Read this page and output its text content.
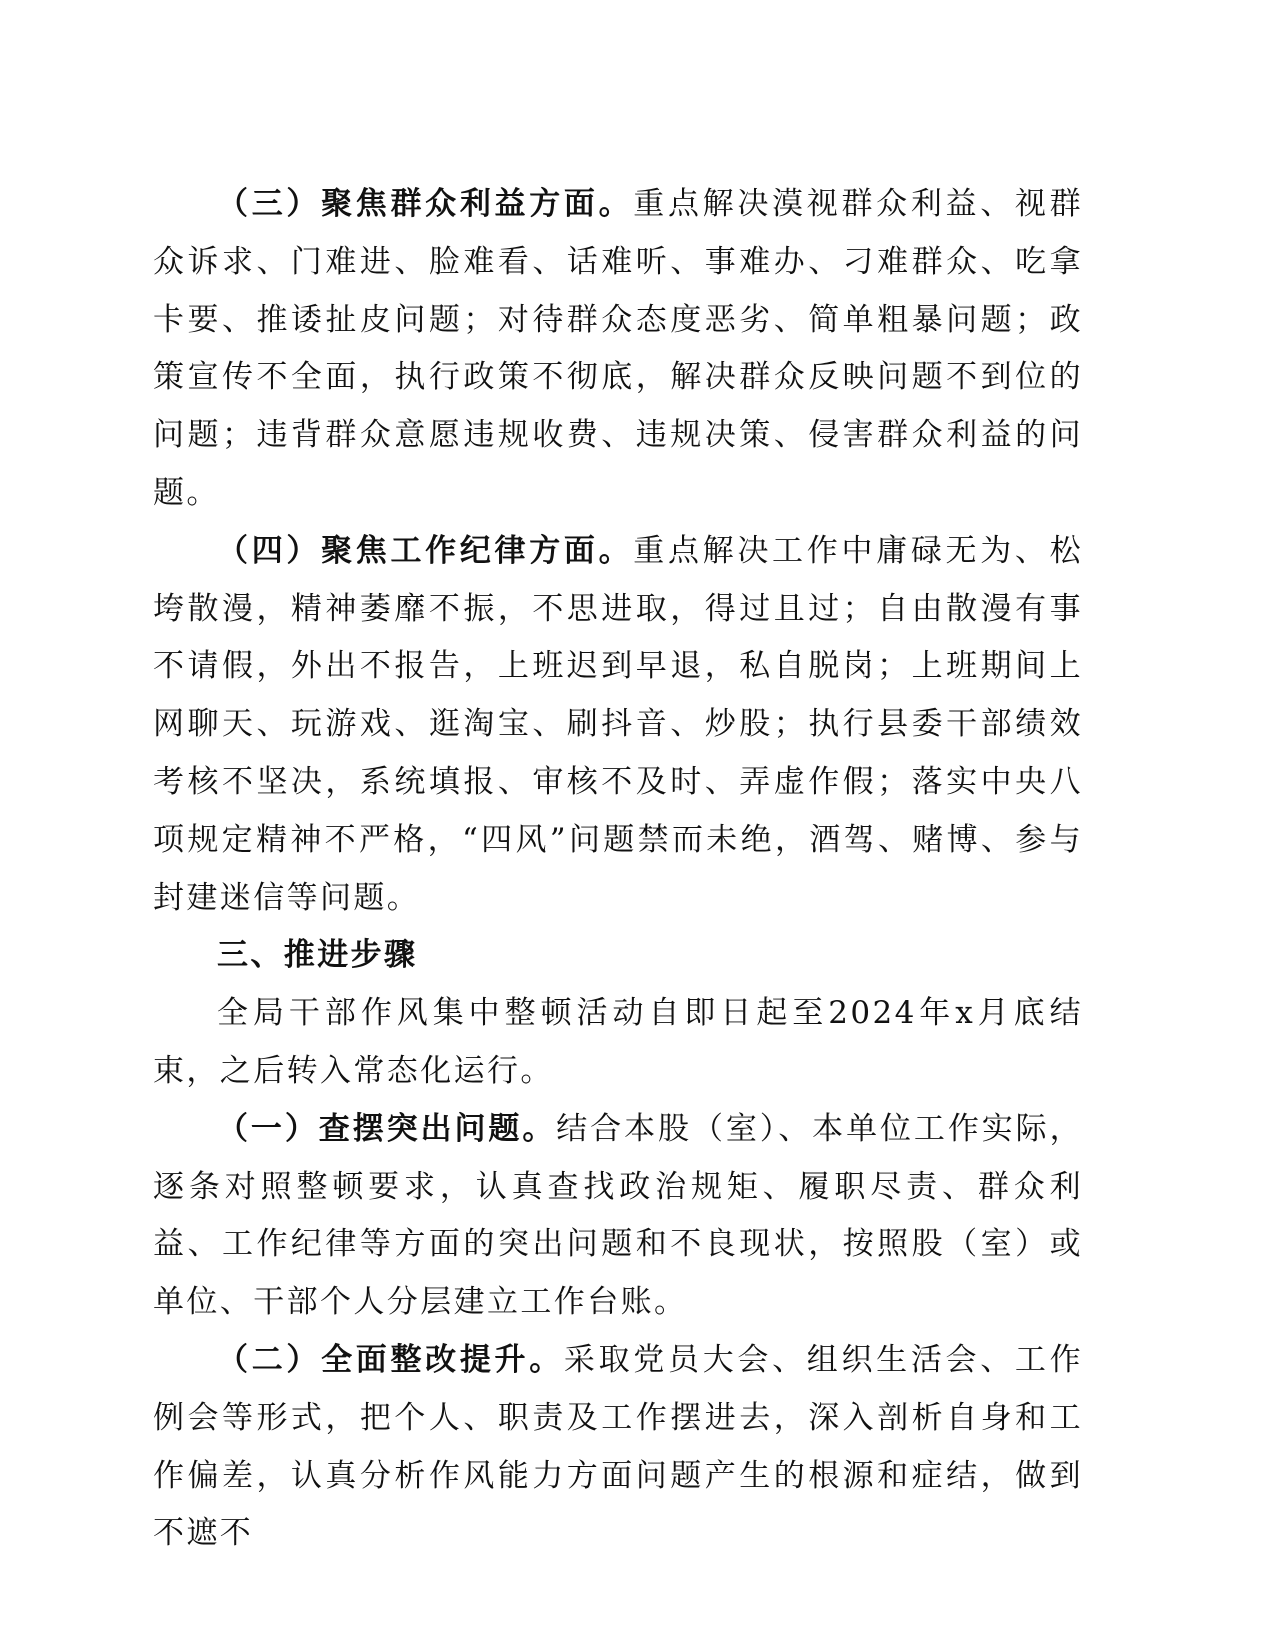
（三）聚焦群众利益方面。重点解决漠视群众利益、视群众诉求、门难进、脸难看、话难听、事难办、刁难群众、吃拿卡要、推诿扯皮问题；对待群众态度恶劣、简单粗暴问题；政策宣传不全面，执行政策不彻底，解决群众反映问题不到位的问题；违背群众意愿违规收费、违规决策、侵害群众利益的问题。

（四）聚焦工作纪律方面。重点解决工作中庸碌无为、松垮散漫，精神萎靡不振，不思进取，得过且过；自由散漫有事不请假，外出不报告，上班迟到早退，私自脱岗；上班期间上网聊天、玩游戏、逛淘宝、刷抖音、炒股；执行县委干部绩效考核不坚决，系统填报、审核不及时、弄虚作假；落实中央八项规定精神不严格，“四风”问题禁而未绝，酒驾、赌博、参与封建迷信等问题。

三、推进步骤

全局干部作风集中整顿活动自即日起至2024年x月底结束，之后转入常态化运行。

（一）查摆突出问题。结合本股（室）、本单位工作实际，逐条对照整顿要求，认真查找政治规矩、履职尽责、群众利益、工作纪律等方面的突出问题和不良现状，按照股（室）或单位、干部个人分层建立工作台账。

（二）全面整改提升。采取党员大会、组织生活会、工作例会等形式，把个人、职责及工作摆进去，深入剖析自身和工作偏差，认真分析作风能力方面问题产生的根源和症结，做到不遮不
